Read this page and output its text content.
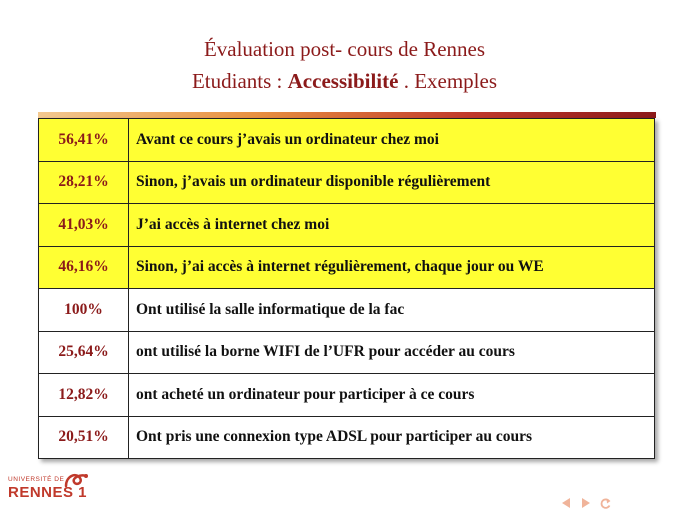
Évaluation post- cours de Rennes
Etudiants : Accessibilité . Exemples
56,41%	Avant ce cours j’avais un ordinateur chez moi
28,21%	Sinon, j’avais un ordinateur disponible régulièrement
41,03%	J’ai accès à internet chez moi
46,16%	Sinon, j’ai accès à internet régulièrement, chaque jour ou WE
100%	Ont utilisé la salle informatique de la fac
25,64%	ont utilisé la borne WIFI de l’UFR pour accéder au cours
12,82%	ont acheté un ordinateur pour participer à ce cours
20,51%	Ont pris une connexion type ADSL pour participer au cours
UNIVERSITÉ DE
RENNES 1
